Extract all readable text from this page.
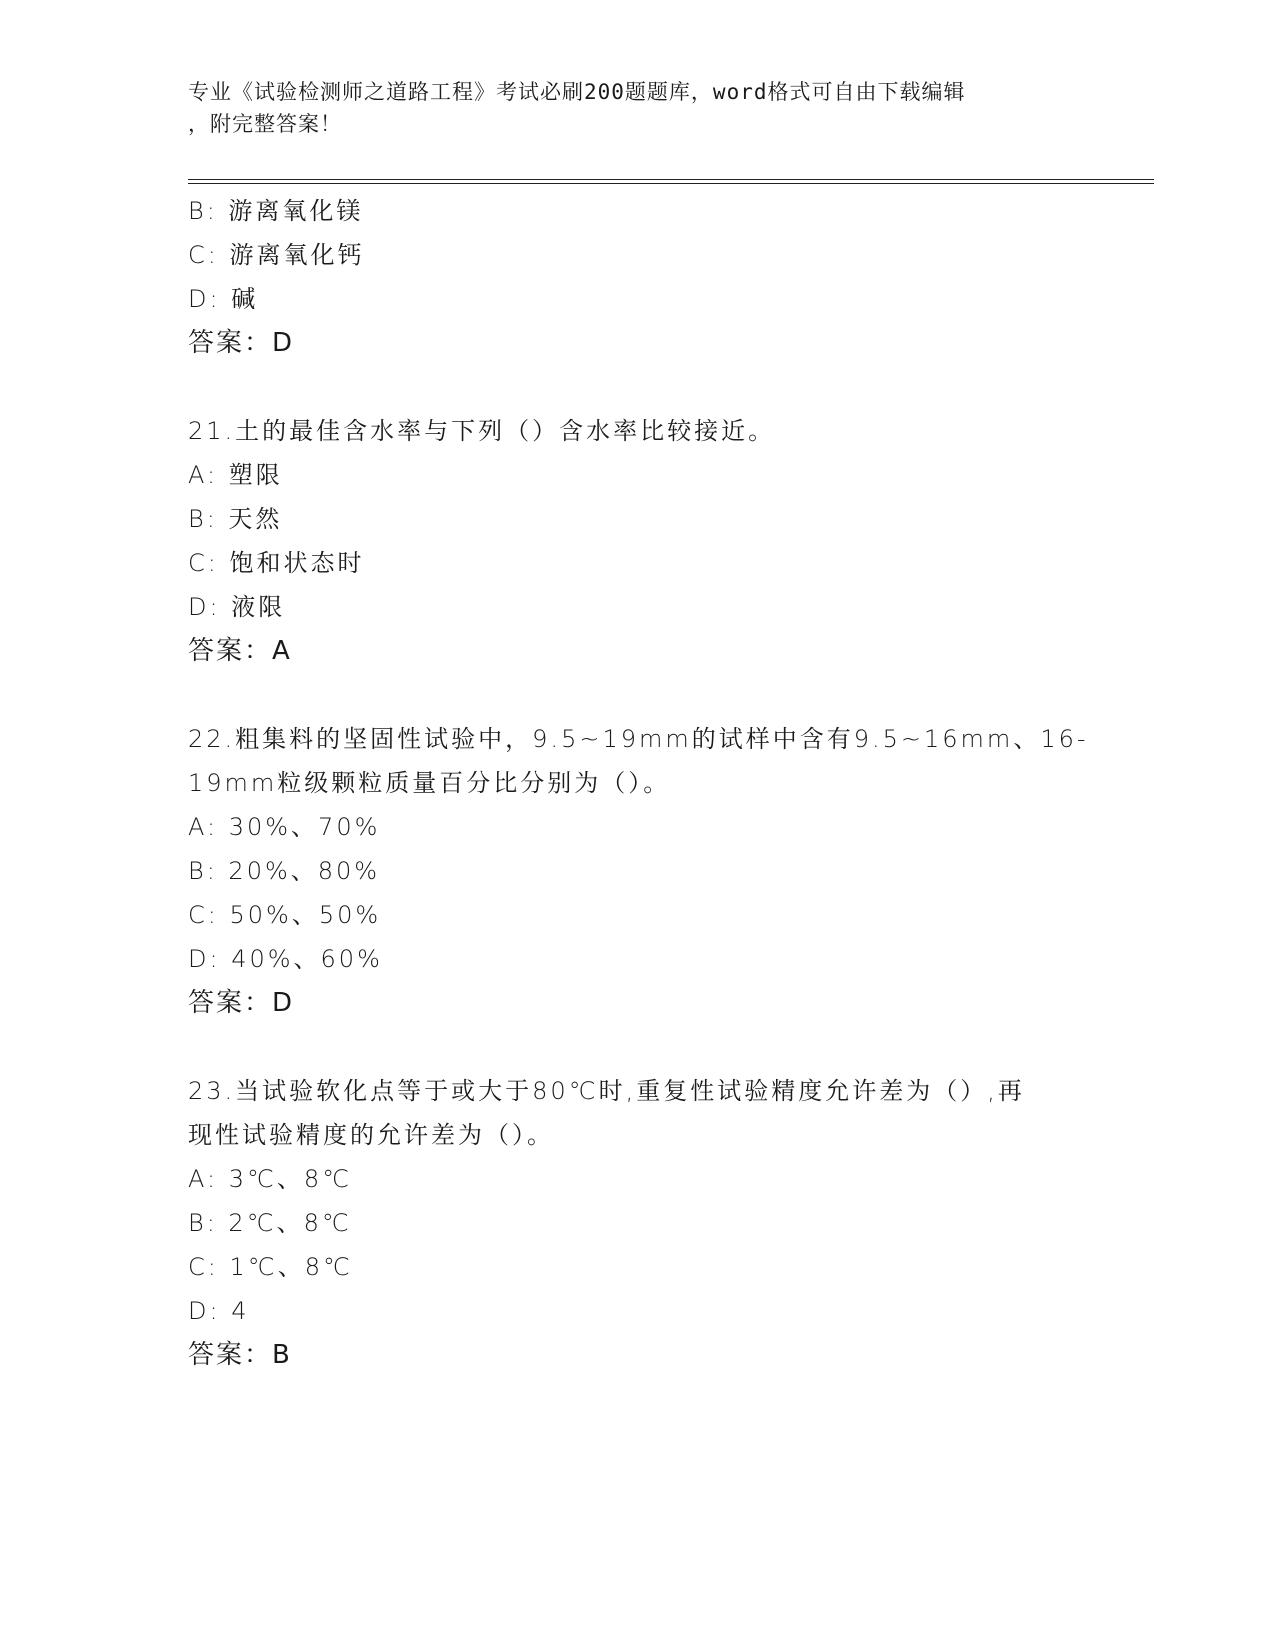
专业《试验检测师之道路工程》考试必刷200题题库，word格式可自由下载编辑
，附完整答案！
B: 游离氧化镁
C: 游离氧化钙
D: 碱
答案：D
21.土的最佳含水率与下列（）含水率比较接近。
A: 塑限
B: 天然
C: 饱和状态时
D: 液限
答案：A
22.粗集料的坚固性试验中，9.5~19mm的试样中含有9.5~16mm、16-
19mm粒级颗粒质量百分比分别为（）。
A: 30%、70%
B: 20%、80%
C: 50%、50%
D: 40%、60%
答案：D
23.当试验软化点等于或大于80℃时,重复性试验精度允许差为（）,再
现性试验精度的允许差为（）。
A: 3℃、8℃
B: 2℃、8℃
C: 1℃、8℃
D: 4
答案：B
